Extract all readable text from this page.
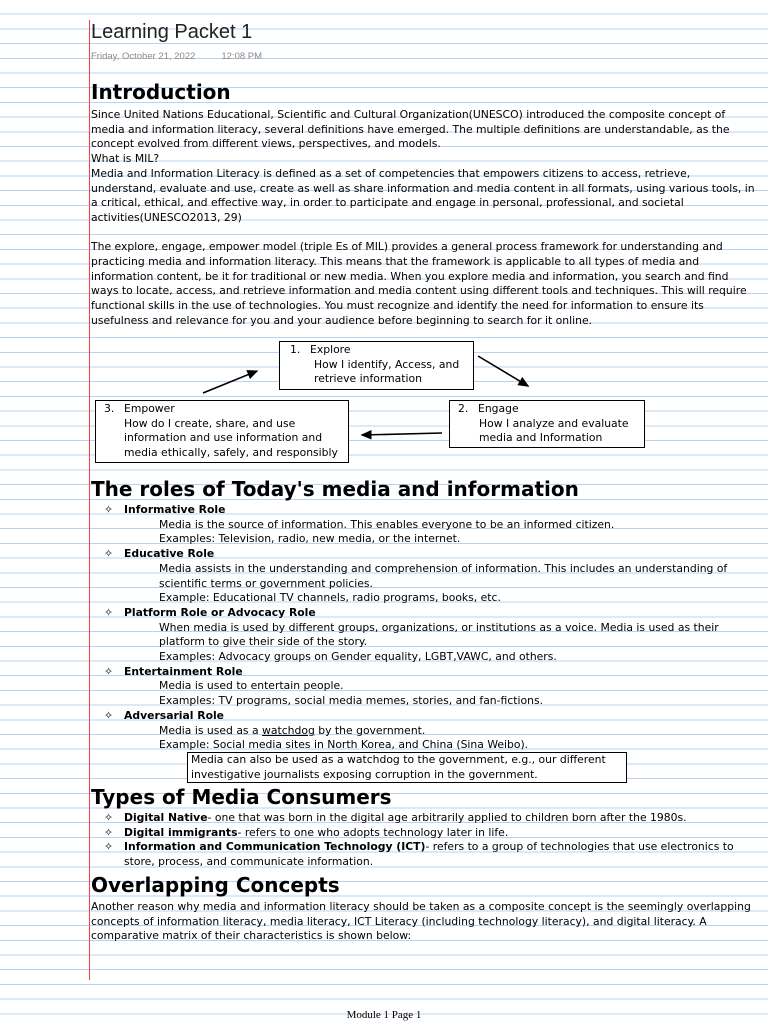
Learning Packet 1
Friday, October 21, 2022	12:08 PM
Introduction

Since United Nations Educational, Scientific and Cultural Organization(UNESCO) introduced the composite concept of media and information literacy, several definitions have emerged. The multiple definitions are understandable, as the concept evolved from different views, perspectives, and models.

What is MIL?

Media and Information Literacy is defined as a set of competencies that empowers citizens to access, retrieve, understand, evaluate and use, create as well as share information and media content in all formats, using various tools, in a critical, ethical, and effective way, in order to participate and engage in personal, professional, and societal activities(UNESCO2013, 29)

The explore, engage, empower model (triple Es of MIL) provides a general process framework for understanding and practicing media and information literacy. This means that the framework is applicable to all types of media and information content, be it for traditional or new media. When you explore media and information, you search and find ways to locate, access, and retrieve information and media content using different tools and techniques. This will require functional skills in the use of technologies. You must recognize and identify the need for information to ensure its usefulness and relevance for you and your audience before beginning to search for it online.

1. Explore
How I identify, Access, and retrieve information
2. Engage
How I analyze and evaluate media and Information
3. Empower
How do I create, share, and use information and use information and media ethically, safely, and responsibly
The roles of Today's media and information
✧ Informative Role
Media is the source of information. This enables everyone to be an informed citizen.
Examples: Television, radio, new media, or the internet.
✧ Educative Role
Media assists in the understanding and comprehension of information. This includes an understanding of scientific terms or government policies.
Example: Educational TV channels, radio programs, books, etc.
✧ Platform Role or Advocacy Role
When media is used by different groups, organizations, or institutions as a voice. Media is used as their platform to give their side of the story.
Examples: Advocacy groups on Gender equality, LGBT,VAWC, and others.
✧ Entertainment Role
Media is used to entertain people.
Examples: TV programs, social media memes, stories, and fan-fictions.
✧ Adversarial Role
Media is used as a watchdog by the government.
Example: Social media sites in North Korea, and China (Sina Weibo).
Media can also be used as a watchdog to the government, e.g., our different investigative journalists exposing corruption in the government.
Types of Media Consumers
✧ Digital Native- one that was born in the digital age arbitrarily applied to children born after the 1980s.
✧ Digital immigrants- refers to one who adopts technology later in life.
✧ Information and Communication Technology (ICT)- refers to a group of technologies that use electronics to store, process, and communicate information.
Overlapping Concepts

Another reason why media and information literacy should be taken as a composite concept is the seemingly overlapping concepts of information literacy, media literacy, ICT Literacy (including technology literacy), and digital literacy. A comparative matrix of their characteristics is shown below:

Module 1 Page 1
